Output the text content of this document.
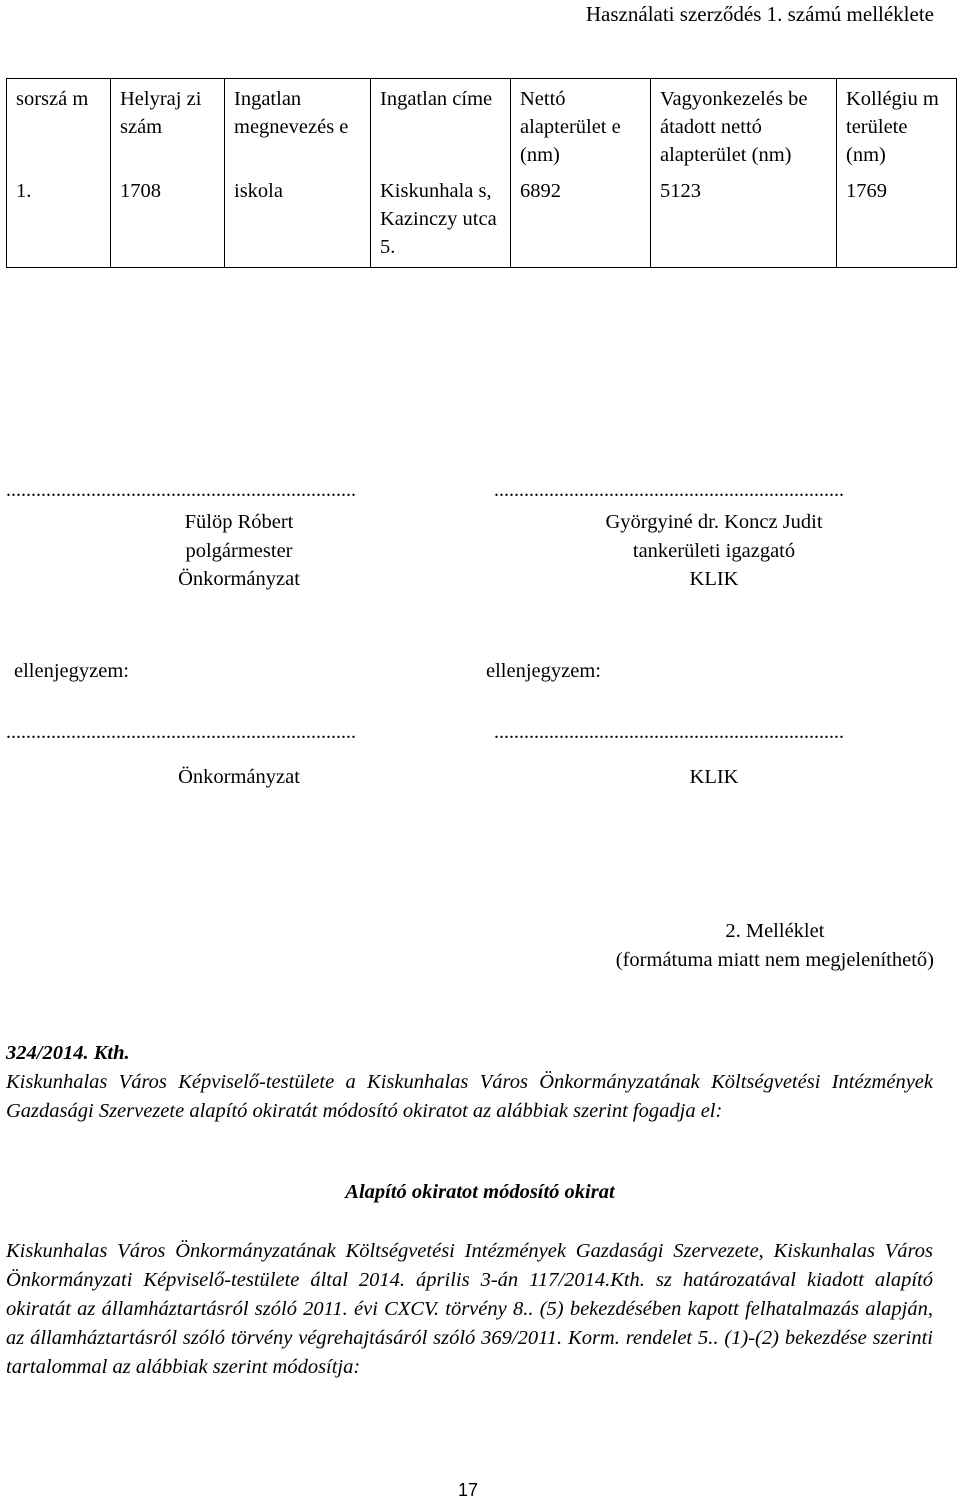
Használati szerződés 1. számú melléklete
sorszá m	Helyraj zi szám	Ingatlan megnevezés e	Ingatlan címe	Nettó alapterület e (nm)	Vagyonkezelés be átadott nettó alapterület (nm)	Kollégiu m területe (nm)
1.	1708	iskola	Kiskunhala s, Kazinczy utca 5.	6892	5123	1769
......................................................................	......................................................................
Fülöp Róbert
polgármester
Önkormányzat
Györgyiné dr. Koncz Judit
tankerületi igazgató
KLIK
ellenjegyzem:	ellenjegyzem:
......................................................................	......................................................................
Önkormányzat	KLIK
2. Melléklet
(formátuma miatt nem megjeleníthető)
324/2014. Kth.
Kiskunhalas Város Képviselő-testülete a Kiskunhalas Város Önkormányzatának Költségvetési Intézmények Gazdasági Szervezete alapító okiratát módosító okiratot az alábbiak szerint fogadja el:
Alapító okiratot módosító okirat
Kiskunhalas Város Önkormányzatának Költségvetési Intézmények Gazdasági Szervezete, Kiskunhalas Város Önkormányzati Képviselő-testülete által 2014. április 3-án 117/2014.Kth. sz határozatával kiadott alapító okiratát az államháztartásról szóló 2011. évi CXCV. törvény 8.. (5) bekezdésében kapott felhatalmazás alapján, az államháztartásról szóló törvény végrehajtásáról szóló 369/2011. Korm. rendelet 5.. (1)-(2) bekezdése szerinti tartalommal az alábbiak szerint módosítja:
17
